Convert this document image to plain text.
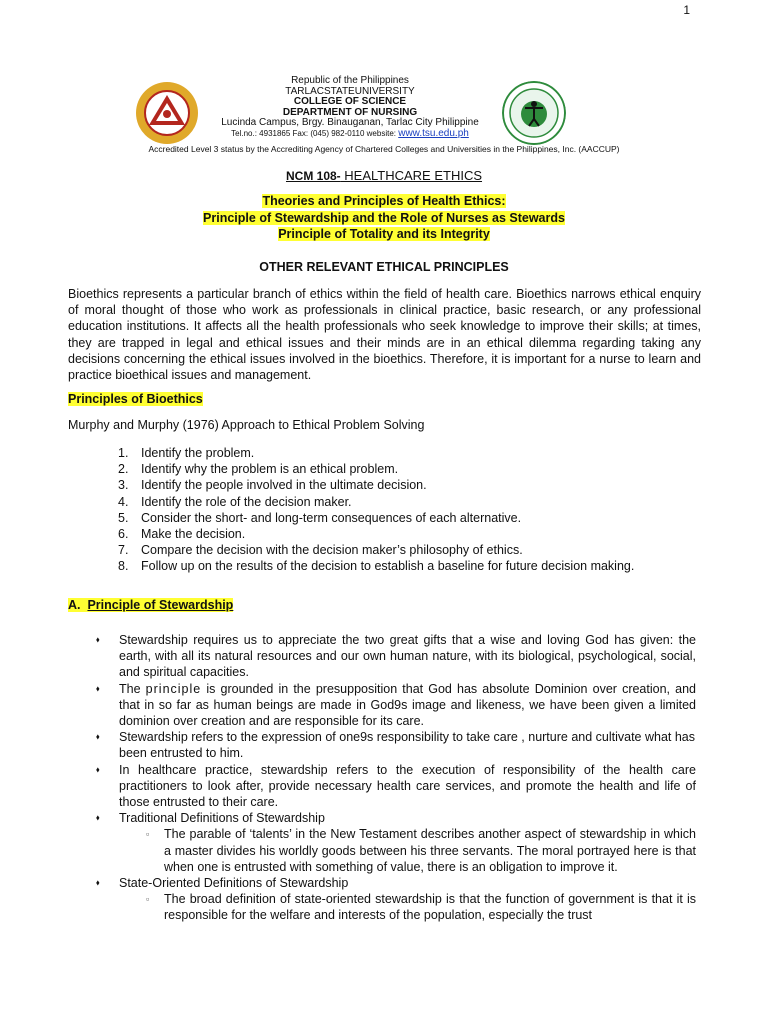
1
Republic of the Philippines
TARLACSTATEUNIVERSITY
COLLEGE OF SCIENCE
DEPARTMENT OF NURSING
Lucinda Campus, Brgy. Binauganan, Tarlac City Philippine
Tel.no.: 4931865 Fax: (045) 982-0110 website: www.tsu.edu.ph
Accredited Level 3 status by the Accrediting Agency of Chartered Colleges and Universities in the Philippines, Inc. (AACCUP)
NCM 108- HEALTHCARE ETHICS
Theories and Principles of Health Ethics:
Principle of Stewardship and the Role of Nurses as Stewards
Principle of Totality and its Integrity
OTHER RELEVANT ETHICAL PRINCIPLES
Bioethics represents a particular branch of ethics within the field of health care. Bioethics narrows ethical enquiry of moral thought of those who work as professionals in clinical practice, basic research, or any professional education institutions. It affects all the health professionals who seek knowledge to improve their skills; at times, they are trapped in legal and ethical issues and their minds are in an ethical dilemma regarding taking any decisions concerning the ethical issues involved in the bioethics. Therefore, it is important for a nurse to learn and practice bioethical issues and management.
Principles of Bioethics
Murphy and Murphy (1976) Approach to Ethical Problem Solving
1.	Identify the problem.
2.	Identify why the problem is an ethical problem.
3.	Identify the people involved in the ultimate decision.
4.	Identify the role of the decision maker.
5.	Consider the short- and long-term consequences of each alternative.
6.	Make the decision.
7.	Compare the decision with the decision maker’s philosophy of ethics.
8.	Follow up on the results of the decision to establish a baseline for future decision making.
A. Principle of Stewardship
⬧ Stewardship requires us to appreciate the two great gifts that a wise and loving God has given: the earth, with all its natural resources and our own human nature, with its biological, psychological, social, and spiritual capacities.
⬧ The principle is grounded in the presupposition that God has absolute Dominion over creation, and that in so far as human beings are made in God9s image and likeness, we have been given a limited dominion over creation and are responsible for its care.
⬧ Stewardship refers to the expression of one9s responsibility to take care , nurture and cultivate what has been entrusted to him.
⬧ In healthcare practice, stewardship refers to the execution of responsibility of the health care practitioners to look after, provide necessary health care services, and promote the health and life of those entrusted to their care.
⬧ Traditional Definitions of Stewardship
▫ The parable of ‘talents’ in the New Testament describes another aspect of stewardship in which a master divides his worldly goods between his three servants. The moral portrayed here is that when one is entrusted with something of value, there is an obligation to improve it.
⬧ State-Oriented Definitions of Stewardship
▫ The broad definition of state-oriented stewardship is that the function of government is that it is responsible for the welfare and interests of the population, especially the trust
